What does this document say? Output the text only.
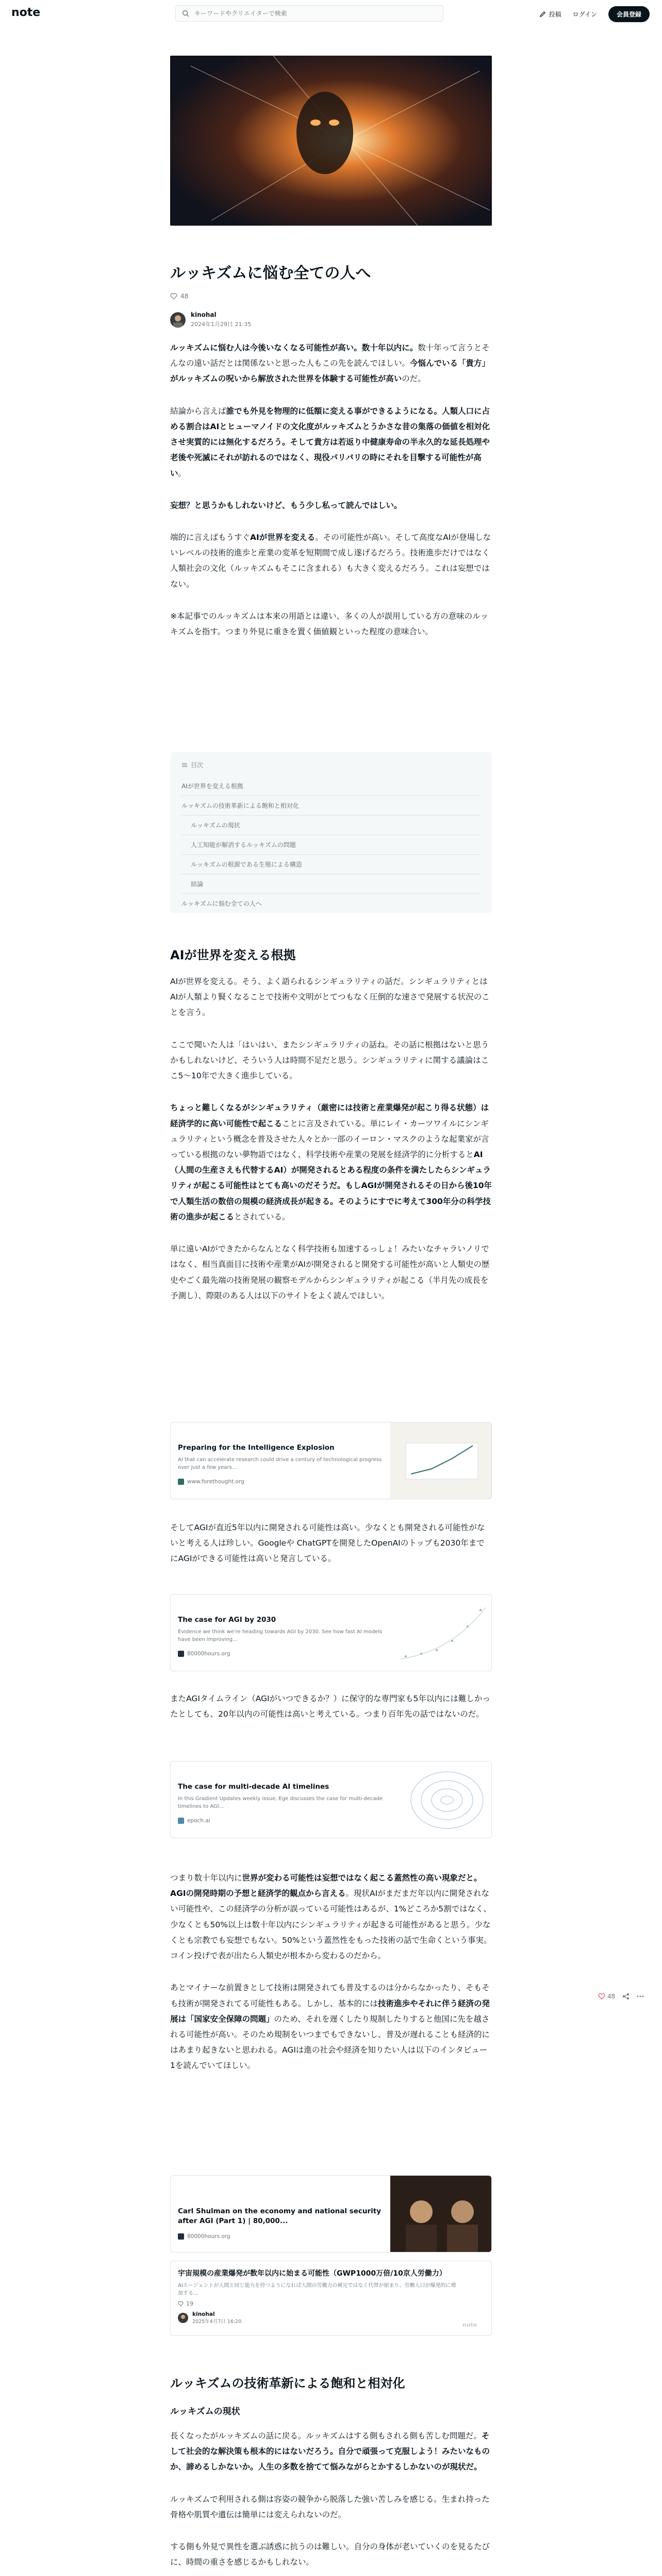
note
キーワードやクリエイターで検索	投稿 ログイン	会員登録
ルッキズムに悩む全ての人へ
48
kinohal
2024年1月29日 21:35

ルッキズムに悩む人は今後いなくなる可能性が高い。数十年以内に。数十年って言うとそんなの遠い話だとは関係ないと思った人もこの先を読んでほしい。今悩んでいる「貴方」がルッキズムの呪いから解放された世界を体験する可能性が高いのだ。

結論から言えば誰でも外見を物理的に低額に変える事ができるようになる。人類人口に占める割合はAIとヒューマノイドの文化度がルッキズムとうかさな昔の集落の価値を相対化させ実質的には無化するだろう。そして貴方は若返り中健康寿命の半永久的な延長処理や老後や死滅にそれが訪れるのではなく、現役パリパリの時にそれを目撃する可能性が高い。

妄想？と思うかもしれないけど、もう少し私って読んではしい。

端的に言えばもうすぐAIが世界を変える。その可能性が高い。そして高度なAIが登場しないレベルの技術的進歩と産業の変革を短期間で成し遂げるだろう。技術進歩だけではなく人類社会の文化（ルッキズムもそこに含まれる）も大きく変えるだろう。これは妄想ではない。

※本記事でのルッキズムは本来の用語とは違い、多くの人が誤用している方の意味のルッキズムを指す。つまり外見に重きを置く価値観といった程度の意味合い。

目次
AIが世界を変える根拠
ルッキズムの技術革新による飽和と相対化
ルッキズムの現状
人工知能が解消するルッキズムの問題
ルッキズムの根源である生殖による構造
結論
ルッキズムに悩む全ての人へ
AIが世界を変える根拠

AIが世界を変える。そう、よく語られるシンギュラリティの話だ。シンギュラリティとはAIが人類より賢くなることで技術や文明がとてつもなく圧倒的な速さで発展する状況のことを言う。

ここで聞いた人は「はいはい、またシンギュラリティの話ね。その話に根拠はないと思うかもしれないけど、そういう人は時間不足だと思う。シンギュラリティに関する議論はここ5〜10年で大きく進歩している。

ちょっと難しくなるがシンギュラリティ（厳密には技術と産業爆発が起こり得る状態）は経済学的に高い可能性で起こることに言及されている。単にレイ・カーツワイルにシンギュラリティという概念を普及させた人々とか一部のイーロン・マスクのような起業家が言っている根拠のない夢物語ではなく、科学技術や産業の発展を経済学的に分析するとAI（人間の生産さえも代替するAI）が開発されるとある程度の条件を満たしたらシンギュラリティが起こる可能性はとても高いのだそうだ。もしAGIが開発されるその日から後10年で人類生活の数倍の規模の経済成長が起きる。そのようにすでに考えて300年分の科学技術の進歩が起こるとされている。

単に遠いAIができたからなんとなく科学技術も加速するっしょ！みたいなチャラいノリではなく、相当真面目に技術や産業がAIが開発されると開発する可能性が高いと人類史の歴史やごく最先端の技術発展の観察モデルからシンギュラリティが起こる（半月先の成長を予測し）、際限のある人は以下のサイトをよく読んでほしい。

Preparing for the Intelligence Explosion
AI that can accelerate research could drive a century of technological progress over just a few years...
www.forethought.org

そしてAGIが直近5年以内に開発される可能性は高い。少なくとも開発される可能性がないと考える人は珍しい。Googleや ChatGPTを開発したOpenAIのトップも2030年までにAGIができる可能性は高いと発言している。

The case for AGI by 2030
Evidence we think we're heading towards AGI by 2030. See how fast AI models have been improving...
80000hours.org

またAGIタイムライン（AGIがいつできるか？）に保守的な専門家も5年以内には難しかったとしても、20年以内の可能性は高いと考えている。つまり百年先の話ではないのだ。

The case for multi-decade AI timelines
In this Gradient Updates weekly issue, Ege discusses the case for multi-decade timelines to AGI...
epoch.ai

つまり数十年以内に世界が変わる可能性は妄想ではなく起こる蓋然性の高い現象だと。AGIの開発時期の予想と経済学的観点から言える。現状AIがまだまだ年以内に開発されない可能性や、この経済学の分析が誤っている可能性はあるが、1%どころか5割ではなく、少なくとも50%以上は数十年以内にシンギュラリティが起きる可能性があると思う。少なくとも宗教でも妄想でもない。50%という蓋然性をもった技術の話で生命くという事実。コイン投げで表が出たら人類史が根本から変わるのだから。

あとマイナーな前置きとして技術は開発されても普及するのは分からなかったり、そもそも技術が開発されてる可能性もある。しかし、基本的には技術進歩やそれに伴う経済の発展は「国家安全保障の問題」のため、それを遅くしたり規制したりすると他国に先を越される可能性が高い。そのため規制をいつまでもできないし、普及が遅れることも経済的にはあまり起きないと思われる。AGIは進の社会や経済を知りたい人は以下のインタビュー1を読んでいてほしい。

Carl Shulman on the economy and national security after AGI (Part 1) | 80,000...
80000hours.org
宇宙規模の産業爆発が数年以内に始まる可能性（GWP1000万倍/10京人労働力）
AIエージェントが人間と同じ能力を持つようになれば人間の労働力の補完ではなく代替が始まり、労働人口が爆発的に増加する...
19
kinohal
2025年4月7日 16:20	note
ルッキズムの技術革新による飽和と相対化
ルッキズムの現状

長くなったがルッキズムの話に戻る。ルッキズムはする側もされる側も苦しむ問題だ。そして社会的な解決策も根本的にはないだろう。自分で頑張って克服しよう！みたいなものか、諦めるしかないか。人生の多数を捨てて悩みながらとかするしかないのが現状だ。

ルッキズムで利用される側は容姿の競争から脱落した強い苦しみを感じる。生まれ持った骨格や肌質や遺伝は簡単には変えられないのだ。

する側も外見で異性を選ぶ誘惑に抗うのは難しい。自分の身体が老いていくのを見るたびに、時間の重さを感じるかもしれない。

48
